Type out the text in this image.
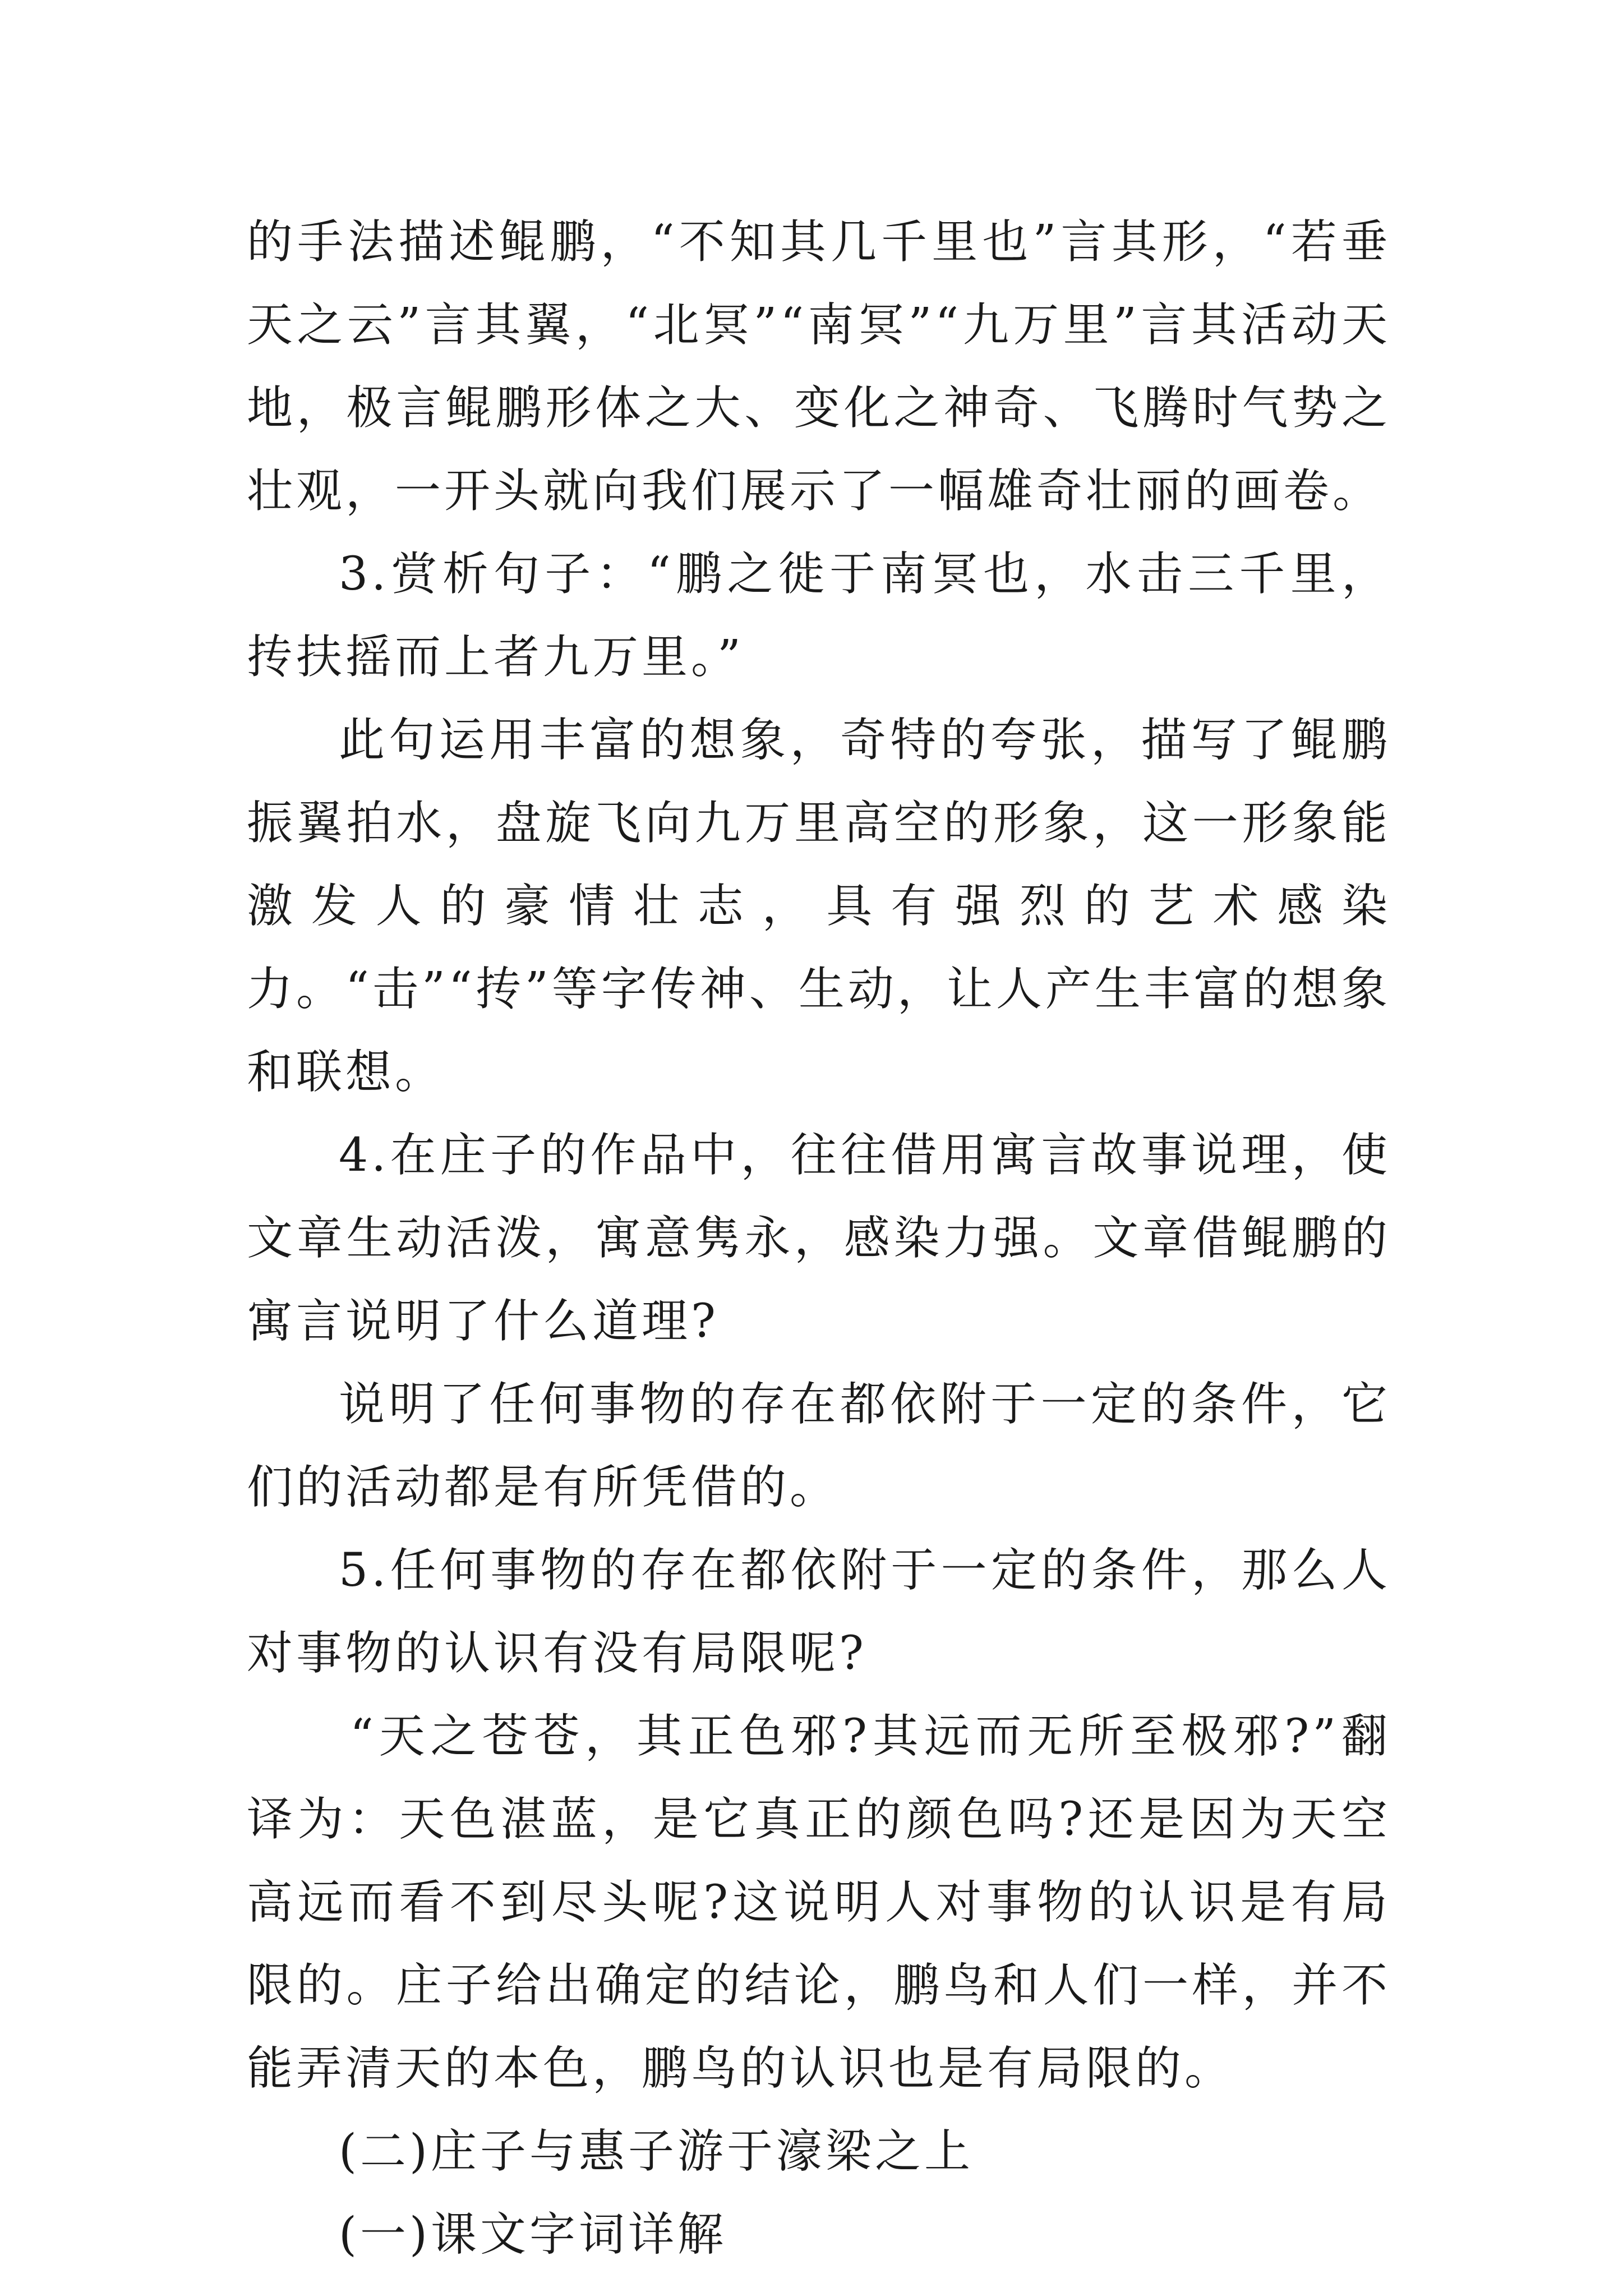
的手法描述鲲鹏，“不知其几千里也”言其形，“若垂天之云”言其翼，“北冥”“南冥”“九万里”言其活动天地，极言鲲鹏形体之大、变化之神奇、飞腾时气势之壮观，一开头就向我们展示了一幅雄奇壮丽的画卷。

3.赏析句子：“鹏之徙于南冥也，水击三千里，抟扶摇而上者九万里。”

此句运用丰富的想象，奇特的夸张，描写了鲲鹏振翼拍水，盘旋飞向九万里高空的形象，这一形象能激发人的豪情壮志，具有强烈的艺术感染力。“击”“抟”等字传神、生动，让人产生丰富的想象和联想。

4.在庄子的作品中，往往借用寓言故事说理，使文章生动活泼，寓意隽永，感染力强。文章借鲲鹏的寓言说明了什么道理?

说明了任何事物的存在都依附于一定的条件，它们的活动都是有所凭借的。

5.任何事物的存在都依附于一定的条件，那么人对事物的认识有没有局限呢?

“天之苍苍，其正色邪?其远而无所至极邪?”翻译为：天色湛蓝，是它真正的颜色吗?还是因为天空高远而看不到尽头呢?这说明人对事物的认识是有局限的。庄子给出确定的结论，鹏鸟和人们一样，并不能弄清天的本色，鹏鸟的认识也是有局限的。

(二)庄子与惠子游于濠梁之上

(一)课文字词详解
